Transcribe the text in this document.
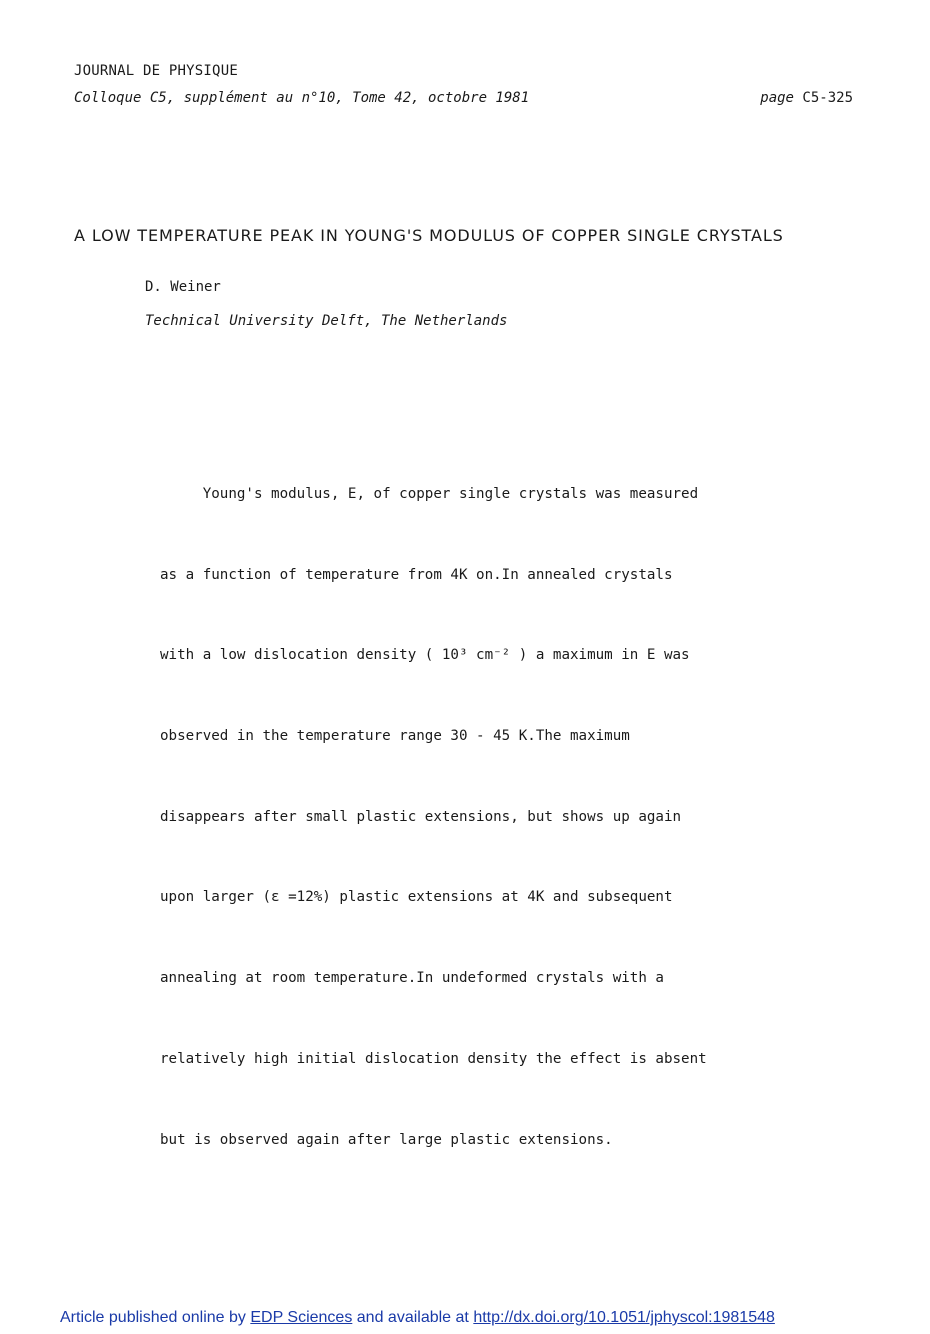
JOURNAL DE PHYSIQUE
Colloque C5, supplément au n°10, Tome 42, octobre 1981	page C5-325
A LOW TEMPERATURE PEAK IN YOUNG'S MODULUS OF COPPER SINGLE CRYSTALS
D. Weiner
Technical University Delft, The Netherlands

Young's modulus, E, of copper single crystals was measured

as a function of temperature from 4K on.In annealed crystals

with a low dislocation density ( 10³ cm⁻² ) a maximum in E was

observed in the temperature range 30 - 45 K.The maximum

disappears after small plastic extensions, but shows up again

upon larger (ε =12%) plastic extensions at 4K and subsequent

annealing at room temperature.In undeformed crystals with a

relatively high initial dislocation density the effect is absent

but is observed again after large plastic extensions.

Article published online by EDP Sciences and available at http://dx.doi.org/10.1051/jphyscol:1981548
